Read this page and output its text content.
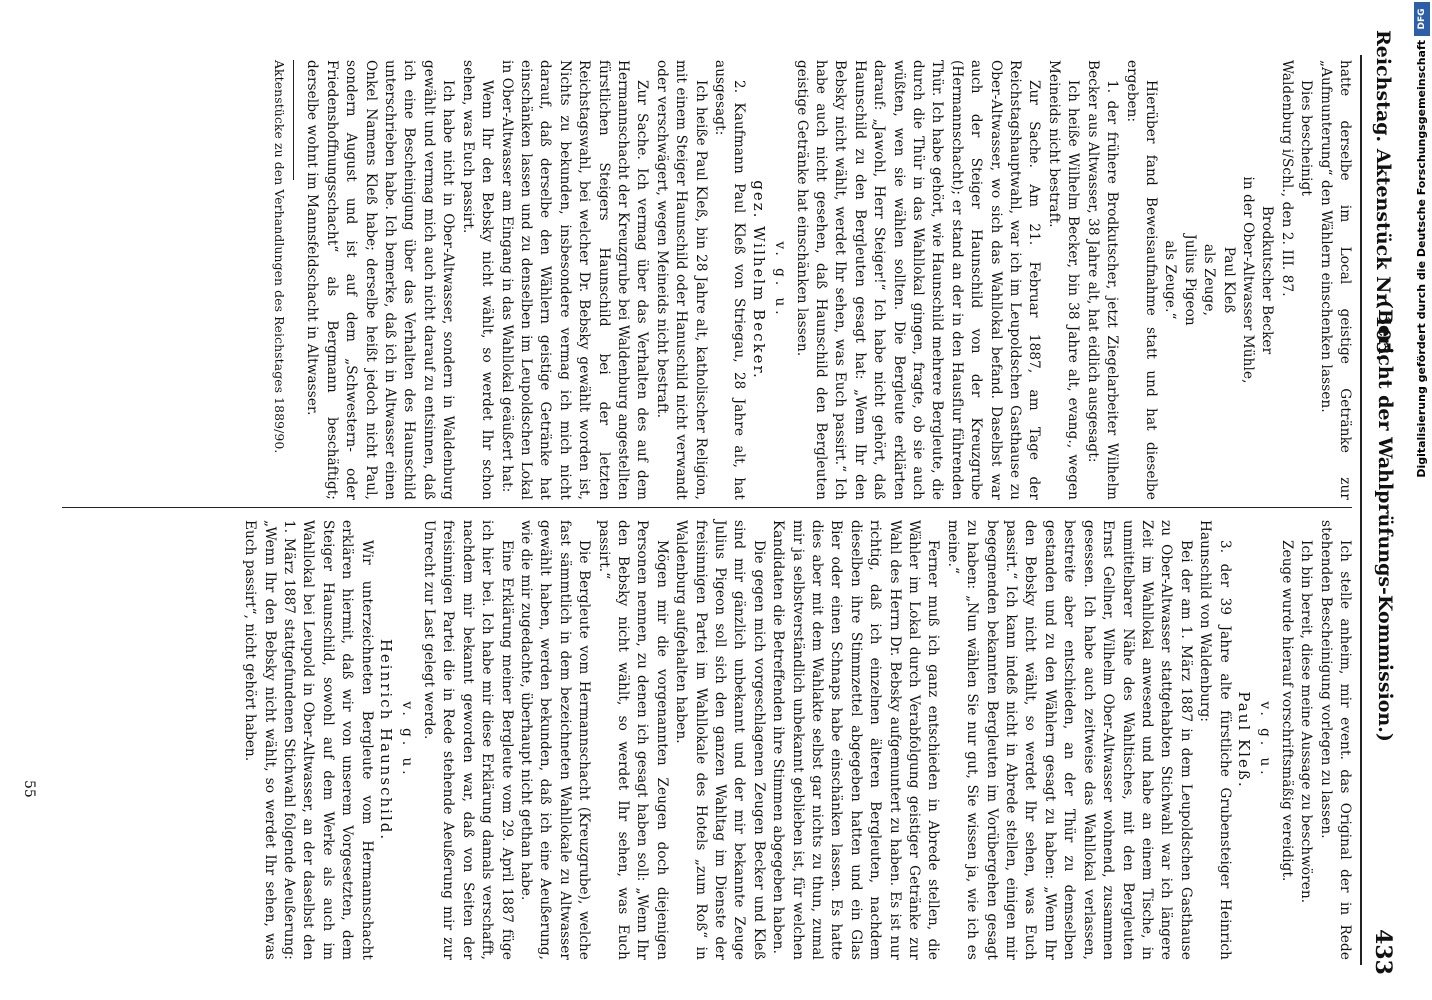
Reichstag. Aktenstück Nr. 105.
(Bericht der Wahlprüfungs-Kommission.)
433

hatte derselbe im Local geistige Getränke zur „Aufmunterung“ den Wählern einschenken lassen.

Dies bescheinigt

Waldenburg i/Schl., den 2. III. 87.

Brodkutscher Becker

in der Ober-Altwasser Mühle,

Paul Kleß

als Zeuge,

Julius Pigeon

als Zeuge.“

Hierüber fand Beweisaufnahme statt und hat dieselbe ergeben:

1. der frühere Brodkutscher, jetzt Ziegelarbeiter Wilhelm Becker aus Altwasser, 38 Jahre alt, hat eidlich ausgesagt:

Ich heiße Wilhelm Becker, bin 38 Jahre alt, evang., wegen Meineids nicht bestraft.

Zur Sache. Am 21. Februar 1887, am Tage der Reichstagshauptwahl, war ich im Leupoldschen Gasthause zu Ober-Altwasser, wo sich das Wahllokal befand. Daselbst war auch der Steiger Haunschild von der Kreuzgrube (Hermannschacht); er stand an der in den Hausflur führenden Thür. Ich habe gehört, wie Haunschild mehrere Bergleute, die durch die Thür in das Wahllokal gingen, fragte, ob sie auch wüßten, wen sie wählen sollten. Die Bergleute erklärten darauf: „Jawohl, Herr Steiger!“ Ich habe nicht gehört, daß Haunschild zu den Bergleuten gesagt hat: „Wenn Ihr den Bebsky nicht wählt, werdet Ihr sehen, was Euch passirt.“ Ich habe auch nicht gesehen, daß Haunschild den Bergleuten geistige Getränke hat einschänken lassen.

v. g. u.
gez. Wilhelm Becker.

2. Kaufmann Paul Kleß von Striegau, 28 Jahre alt, hat ausgesagt:

Ich heiße Paul Kleß, bin 28 Jahre alt, katholischer Religion, mit einem Steiger Haunschild oder Hanuschild nicht verwandt oder verschwägert, wegen Meineids nicht bestraft.

Zur Sache. Ich vermag über das Verhalten des auf dem Hermannschacht der Kreuzgrube bei Waldenburg angestellten fürstlichen Steigers Haunschild bei der letzten Reichstagswahl, bei welcher Dr. Bebsky gewählt worden ist, Nichts zu bekunden, insbesondere vermag ich mich nicht darauf, daß derselbe den Wählern geistige Getränke hat einschänken lassen und zu denselben im Leupoldschen Lokal in Ober-Altwasser am Eingang in das Wahllokal geäußert hat:

Wenn Ihr den Bebsky nicht wählt, so werdet Ihr schon sehen, was Euch passirt.

Ich habe nicht in Ober-Altwasser, sondern in Waldenburg gewählt und vermag mich auch nicht darauf zu entsinnen, daß ich eine Bescheinigung über das Verhalten des Haunschild unterschrieben habe. Ich bemerke, daß ich in Altwasser einen Onkel Namens Kleß habe; derselbe heißt jedoch nicht Paul, sondern August und ist auf dem „Schwestern- oder Friedenshoffnungsschacht“ als Bergmann beschäftigt; derselbe wohnt im Mannsfeldschacht in Altwasser.

Aktenstücke zu den Verhandlungen des Reichstages 1889/90.

Ich stelle anheim, mir event. das Original der in Rede stehenden Bescheinigung vorlegen zu lassen.

Ich bin bereit, diese meine Aussage zu beschwören.

Zeuge wurde hierauf vorschriftsmäßig vereidigt.

v. g. u.
Paul Kleß.

3. der 39 Jahre alte fürstliche Grubensteiger Heinrich Haunschild von Waldenburg:

Bei der am 1. März 1887 in dem Leupoldschen Gasthause zu Ober-Altwasser stattgehabten Stichwahl war ich längere Zeit im Wahllokal anwesend und habe an einem Tische, in unmittelbarer Nähe des Wahltisches, mit den Bergleuten Ernst Gellner, Wilhelm Ober-Altwasser wohnend, zusammen gesessen. Ich habe auch zeitweise das Wahllokal verlassen, bestreite aber entschieden, an der Thür zu demselben gestanden und zu den Wählern gesagt zu haben: „Wenn Ihr den Bebsky nicht wählt, so werdet Ihr sehen, was Euch passirt.“ Ich kann indeß nicht in Abrede stellen, einigen mir begegnenden bekannten Bergleuten im Vorübergehen gesagt zu haben: „Nun wählen Sie nur gut, Sie wissen ja, wie ich es meine.“

Ferner muß ich ganz entschieden in Abrede stellen, die Wähler im Lokal durch Verabfolgung geistiger Getränke zur Wahl des Herrn Dr. Bebsky aufgemuntert zu haben. Es ist nur richtig, daß ich einzelnen älteren Bergleuten, nachdem dieselben ihre Stimmzettel abgegeben hatten und ein Glas Bier oder einen Schnaps habe einschänken lassen. Es hatte dies aber mit dem Wahlakte selbst gar nichts zu thun, zumal mir ja selbstverständlich unbekannt geblieben ist, für welchen Kandidaten die Betreffenden ihre Stimmen abgegeben haben.

Die gegen mich vorgeschlagenen Zeugen Becker und Kleß sind mir gänzlich unbekannt und der mir bekannte Zeuge Julius Pigeon soll sich den ganzen Wahltag im Dienste der freisinnigen Partei im Wahllokale des Hotels „zum Roß“ in Waldenburg aufgehalten haben.

Mögen mir die vorgenannten Zeugen doch diejenigen Personen nennen, zu denen ich gesagt haben soll: „Wenn Ihr den Bebsky nicht wählt, so werdet Ihr sehen, was Euch passirt.“

Die Bergleute vom Hermannschacht (Kreuzgrube), welche fast sämmtlich in dem bezeichneten Wahllokale zu Altwasser gewählt haben, werden bekunden, daß ich eine Aeußerung, wie die mir zugedachte, überhaupt nicht gethan habe.

Eine Erklärung meiner Bergleute vom 29. April 1887 füge ich hier bei. Ich habe mir diese Erklärung damals verschafft, nachdem mir bekannt geworden war, daß von Seiten der freisinnigen Partei die in Rede stehende Aeußerung mir zur Unrecht zur Last gelegt werde.

v. g. u.
Heinrich Haunschild.

Wir unterzeichneten Bergleute vom Hermannschacht erklären hiermit, daß wir von unserem Vorgesetzten, dem Steiger Haunschild, sowohl auf dem Werke als auch im Wahllokal bei Leupold in Ober-Altwasser, an der daselbst den 1. März 1887 stattgefundenen Stichwahl folgende Aeußerung: „Wenn Ihr den Bebsky nicht wählt, so werdet Ihr sehen, was Euch passirt“, nicht gehört haben.

55
Digitalisierung gefördert durch die Deutsche Forschungsgemeinschaft
DFG
